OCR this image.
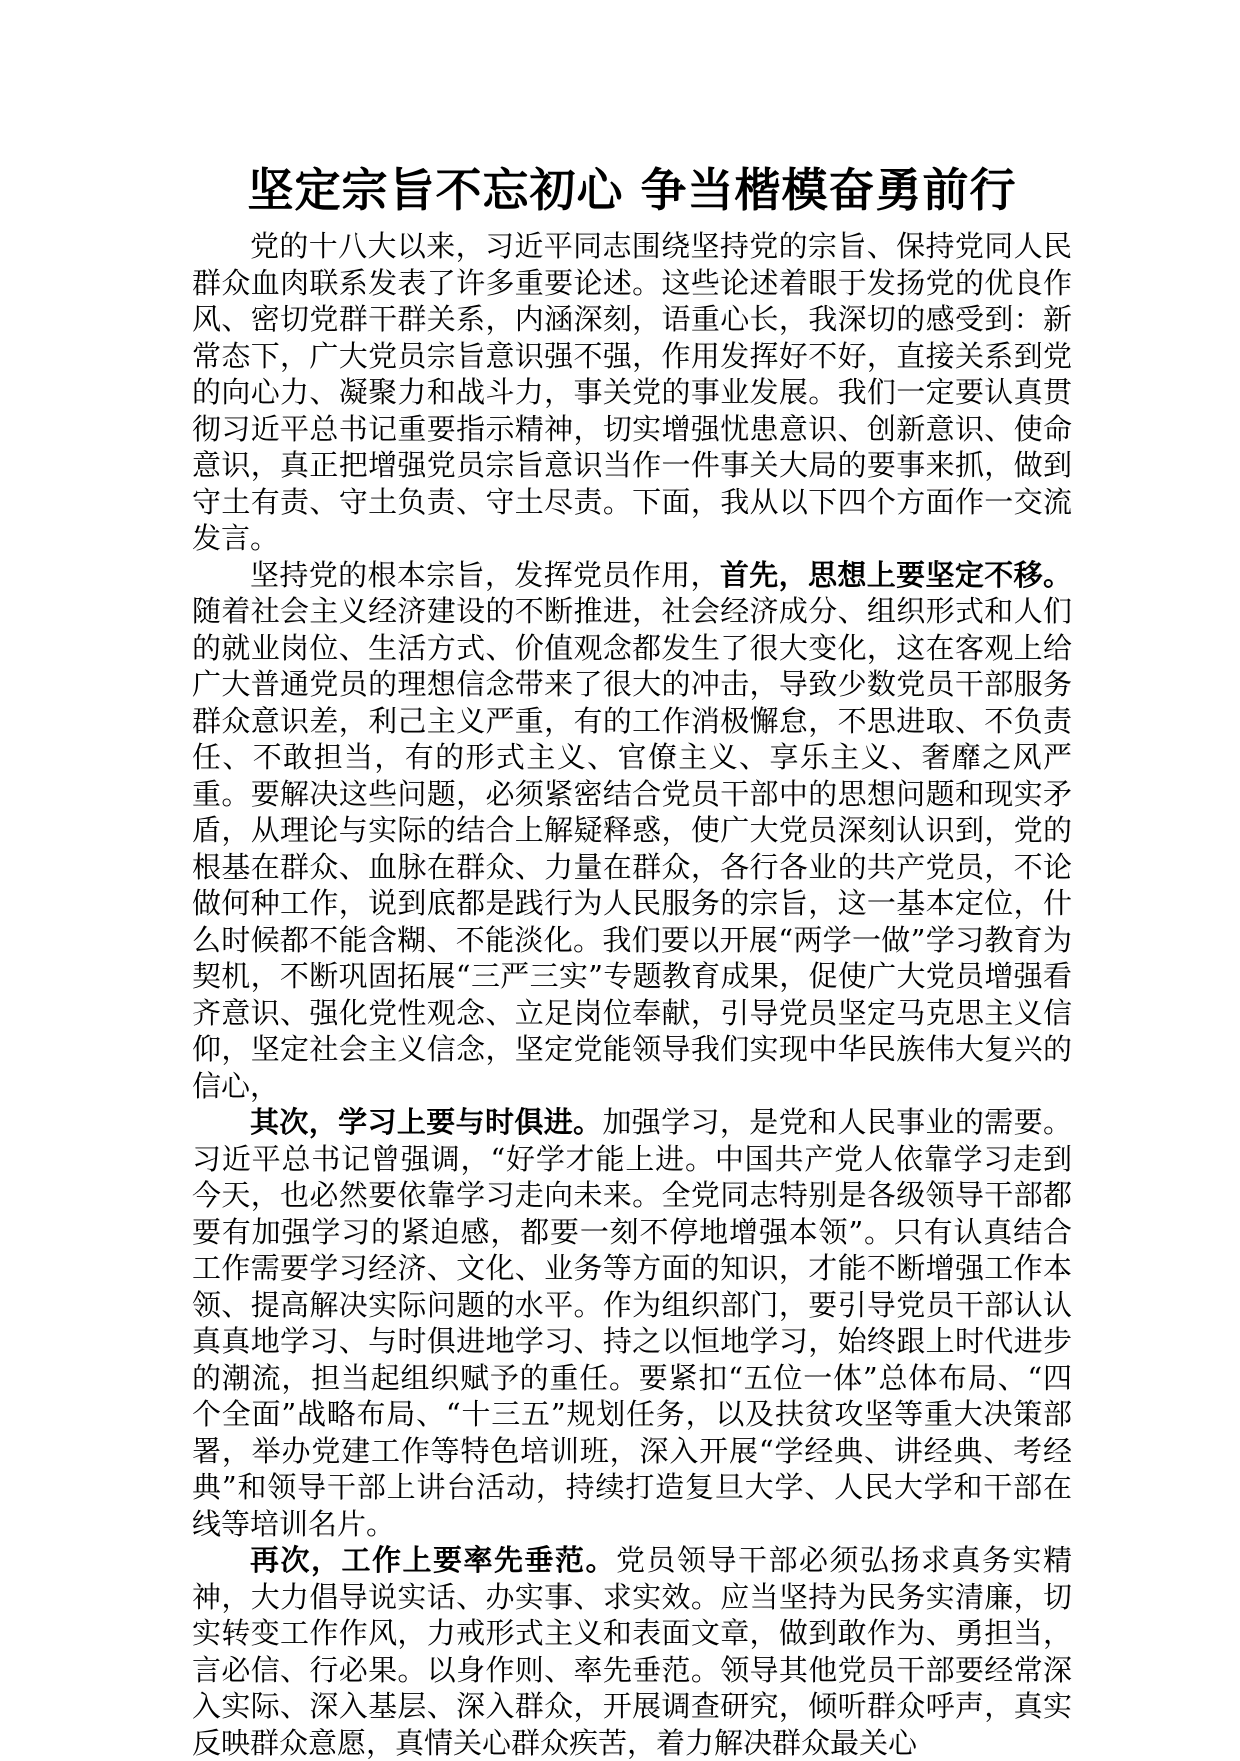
坚定宗旨不忘初心 争当楷模奋勇前行

党的十八大以来，习近平同志围绕坚持党的宗旨、保持党同人民群众血肉联系发表了许多重要论述。这些论述着眼于发扬党的优良作风、密切党群干群关系，内涵深刻，语重心长，我深切的感受到：新常态下，广大党员宗旨意识强不强，作用发挥好不好，直接关系到党的向心力、凝聚力和战斗力，事关党的事业发展。我们一定要认真贯彻习近平总书记重要指示精神，切实增强忧患意识、创新意识、使命意识，真正把增强党员宗旨意识当作一件事关大局的要事来抓，做到守土有责、守土负责、守土尽责。下面，我从以下四个方面作一交流发言。

坚持党的根本宗旨，发挥党员作用，首先，思想上要坚定不移。随着社会主义经济建设的不断推进，社会经济成分、组织形式和人们的就业岗位、生活方式、价值观念都发生了很大变化，这在客观上给广大普通党员的理想信念带来了很大的冲击，导致少数党员干部服务群众意识差，利己主义严重，有的工作消极懈怠，不思进取、不负责任、不敢担当，有的形式主义、官僚主义、享乐主义、奢靡之风严重。要解决这些问题，必须紧密结合党员干部中的思想问题和现实矛盾，从理论与实际的结合上解疑释惑，使广大党员深刻认识到，党的根基在群众、血脉在群众、力量在群众，各行各业的共产党员，不论做何种工作，说到底都是践行为人民服务的宗旨，这一基本定位，什么时候都不能含糊、不能淡化。我们要以开展“两学一做”学习教育为契机，不断巩固拓展“三严三实”专题教育成果，促使广大党员增强看齐意识、强化党性观念、立足岗位奉献，引导党员坚定马克思主义信仰，坚定社会主义信念，坚定党能领导我们实现中华民族伟大复兴的信心，

其次，学习上要与时俱进。加强学习，是党和人民事业的需要。习近平总书记曾强调，“好学才能上进。中国共产党人依靠学习走到今天，也必然要依靠学习走向未来。全党同志特别是各级领导干部都要有加强学习的紧迫感，都要一刻不停地增强本领”。只有认真结合工作需要学习经济、文化、业务等方面的知识，才能不断增强工作本领、提高解决实际问题的水平。作为组织部门，要引导党员干部认认真真地学习、与时俱进地学习、持之以恒地学习，始终跟上时代进步的潮流，担当起组织赋予的重任。要紧扣“五位一体”总体布局、“四个全面”战略布局、“十三五”规划任务，以及扶贫攻坚等重大决策部署，举办党建工作等特色培训班，深入开展“学经典、讲经典、考经典”和领导干部上讲台活动，持续打造复旦大学、人民大学和干部在线等培训名片。

再次，工作上要率先垂范。党员领导干部必须弘扬求真务实精神，大力倡导说实话、办实事、求实效。应当坚持为民务实清廉，切实转变工作作风，力戒形式主义和表面文章，做到敢作为、勇担当，言必信、行必果。以身作则、率先垂范。领导其他党员干部要经常深入实际、深入基层、深入群众，开展调查研究，倾听群众呼声，真实反映群众意愿，真情关心群众疾苦，着力解决群众最关心
